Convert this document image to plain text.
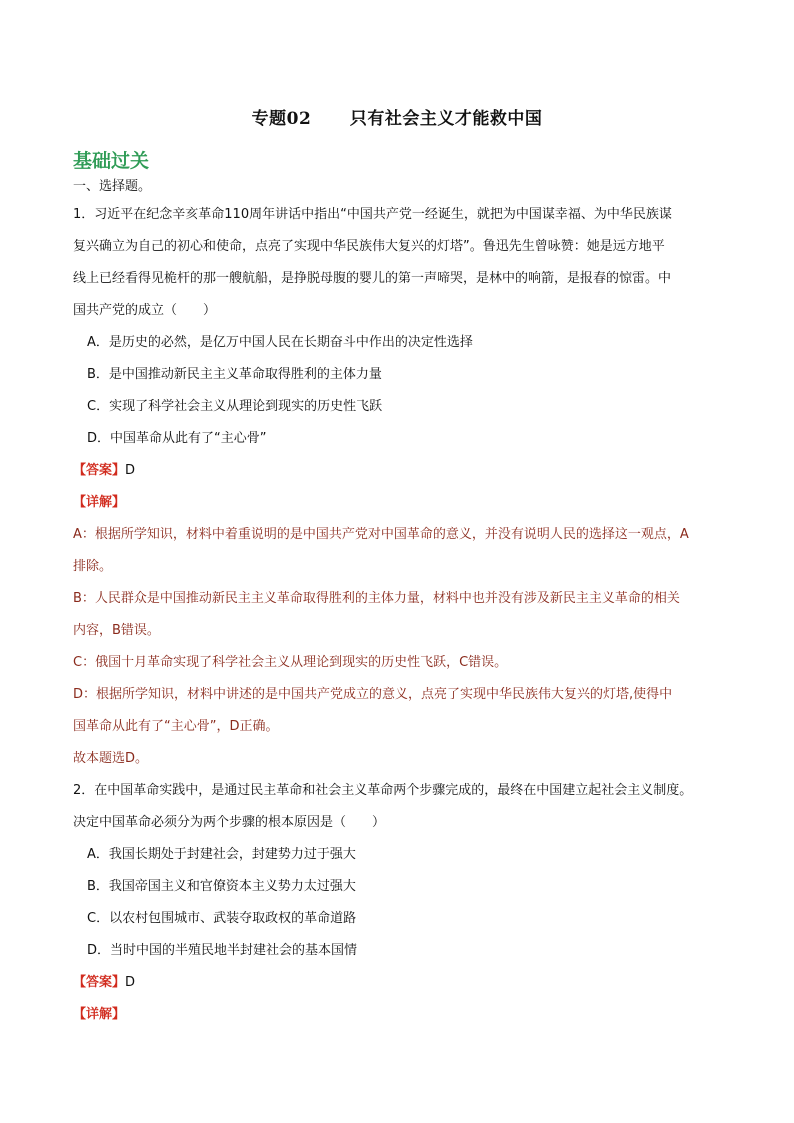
专题02      只有社会主义才能救中国
基础过关
一、选择题。
1．习近平在纪念辛亥革命110周年讲话中指出“中国共产党一经诞生，就把为中国谋幸福、为中华民族谋
复兴确立为自己的初心和使命，点亮了实现中华民族伟大复兴的灯塔”。鲁迅先生曾咏赞：她是远方地平
线上已经看得见桅杆的那一艘航船，是挣脱母腹的婴儿的第一声啼哭，是林中的响箭，是报春的惊雷。中
国共产党的成立（　　）
A．是历史的必然，是亿万中国人民在长期奋斗中作出的决定性选择
B．是中国推动新民主主义革命取得胜利的主体力量
C．实现了科学社会主义从理论到现实的历史性飞跃
D．中国革命从此有了“主心骨”
【答案】D
【详解】
A：根据所学知识，材料中着重说明的是中国共产党对中国革命的意义，并没有说明人民的选择这一观点，A
排除。
B：人民群众是中国推动新民主主义革命取得胜利的主体力量，材料中也并没有涉及新民主主义革命的相关
内容，B错误。
C：俄国十月革命实现了科学社会主义从理论到现实的历史性飞跃，C错误。
D：根据所学知识，材料中讲述的是中国共产党成立的意义，点亮了实现中华民族伟大复兴的灯塔,使得中
国革命从此有了“主心骨”，D正确。
故本题选D。
2．在中国革命实践中，是通过民主革命和社会主义革命两个步骤完成的，最终在中国建立起社会主义制度。
决定中国革命必须分为两个步骤的根本原因是（　　）
A．我国长期处于封建社会，封建势力过于强大
B．我国帝国主义和官僚资本主义势力太过强大
C．以农村包围城市、武装夺取政权的革命道路
D．当时中国的半殖民地半封建社会的基本国情
【答案】D
【详解】
